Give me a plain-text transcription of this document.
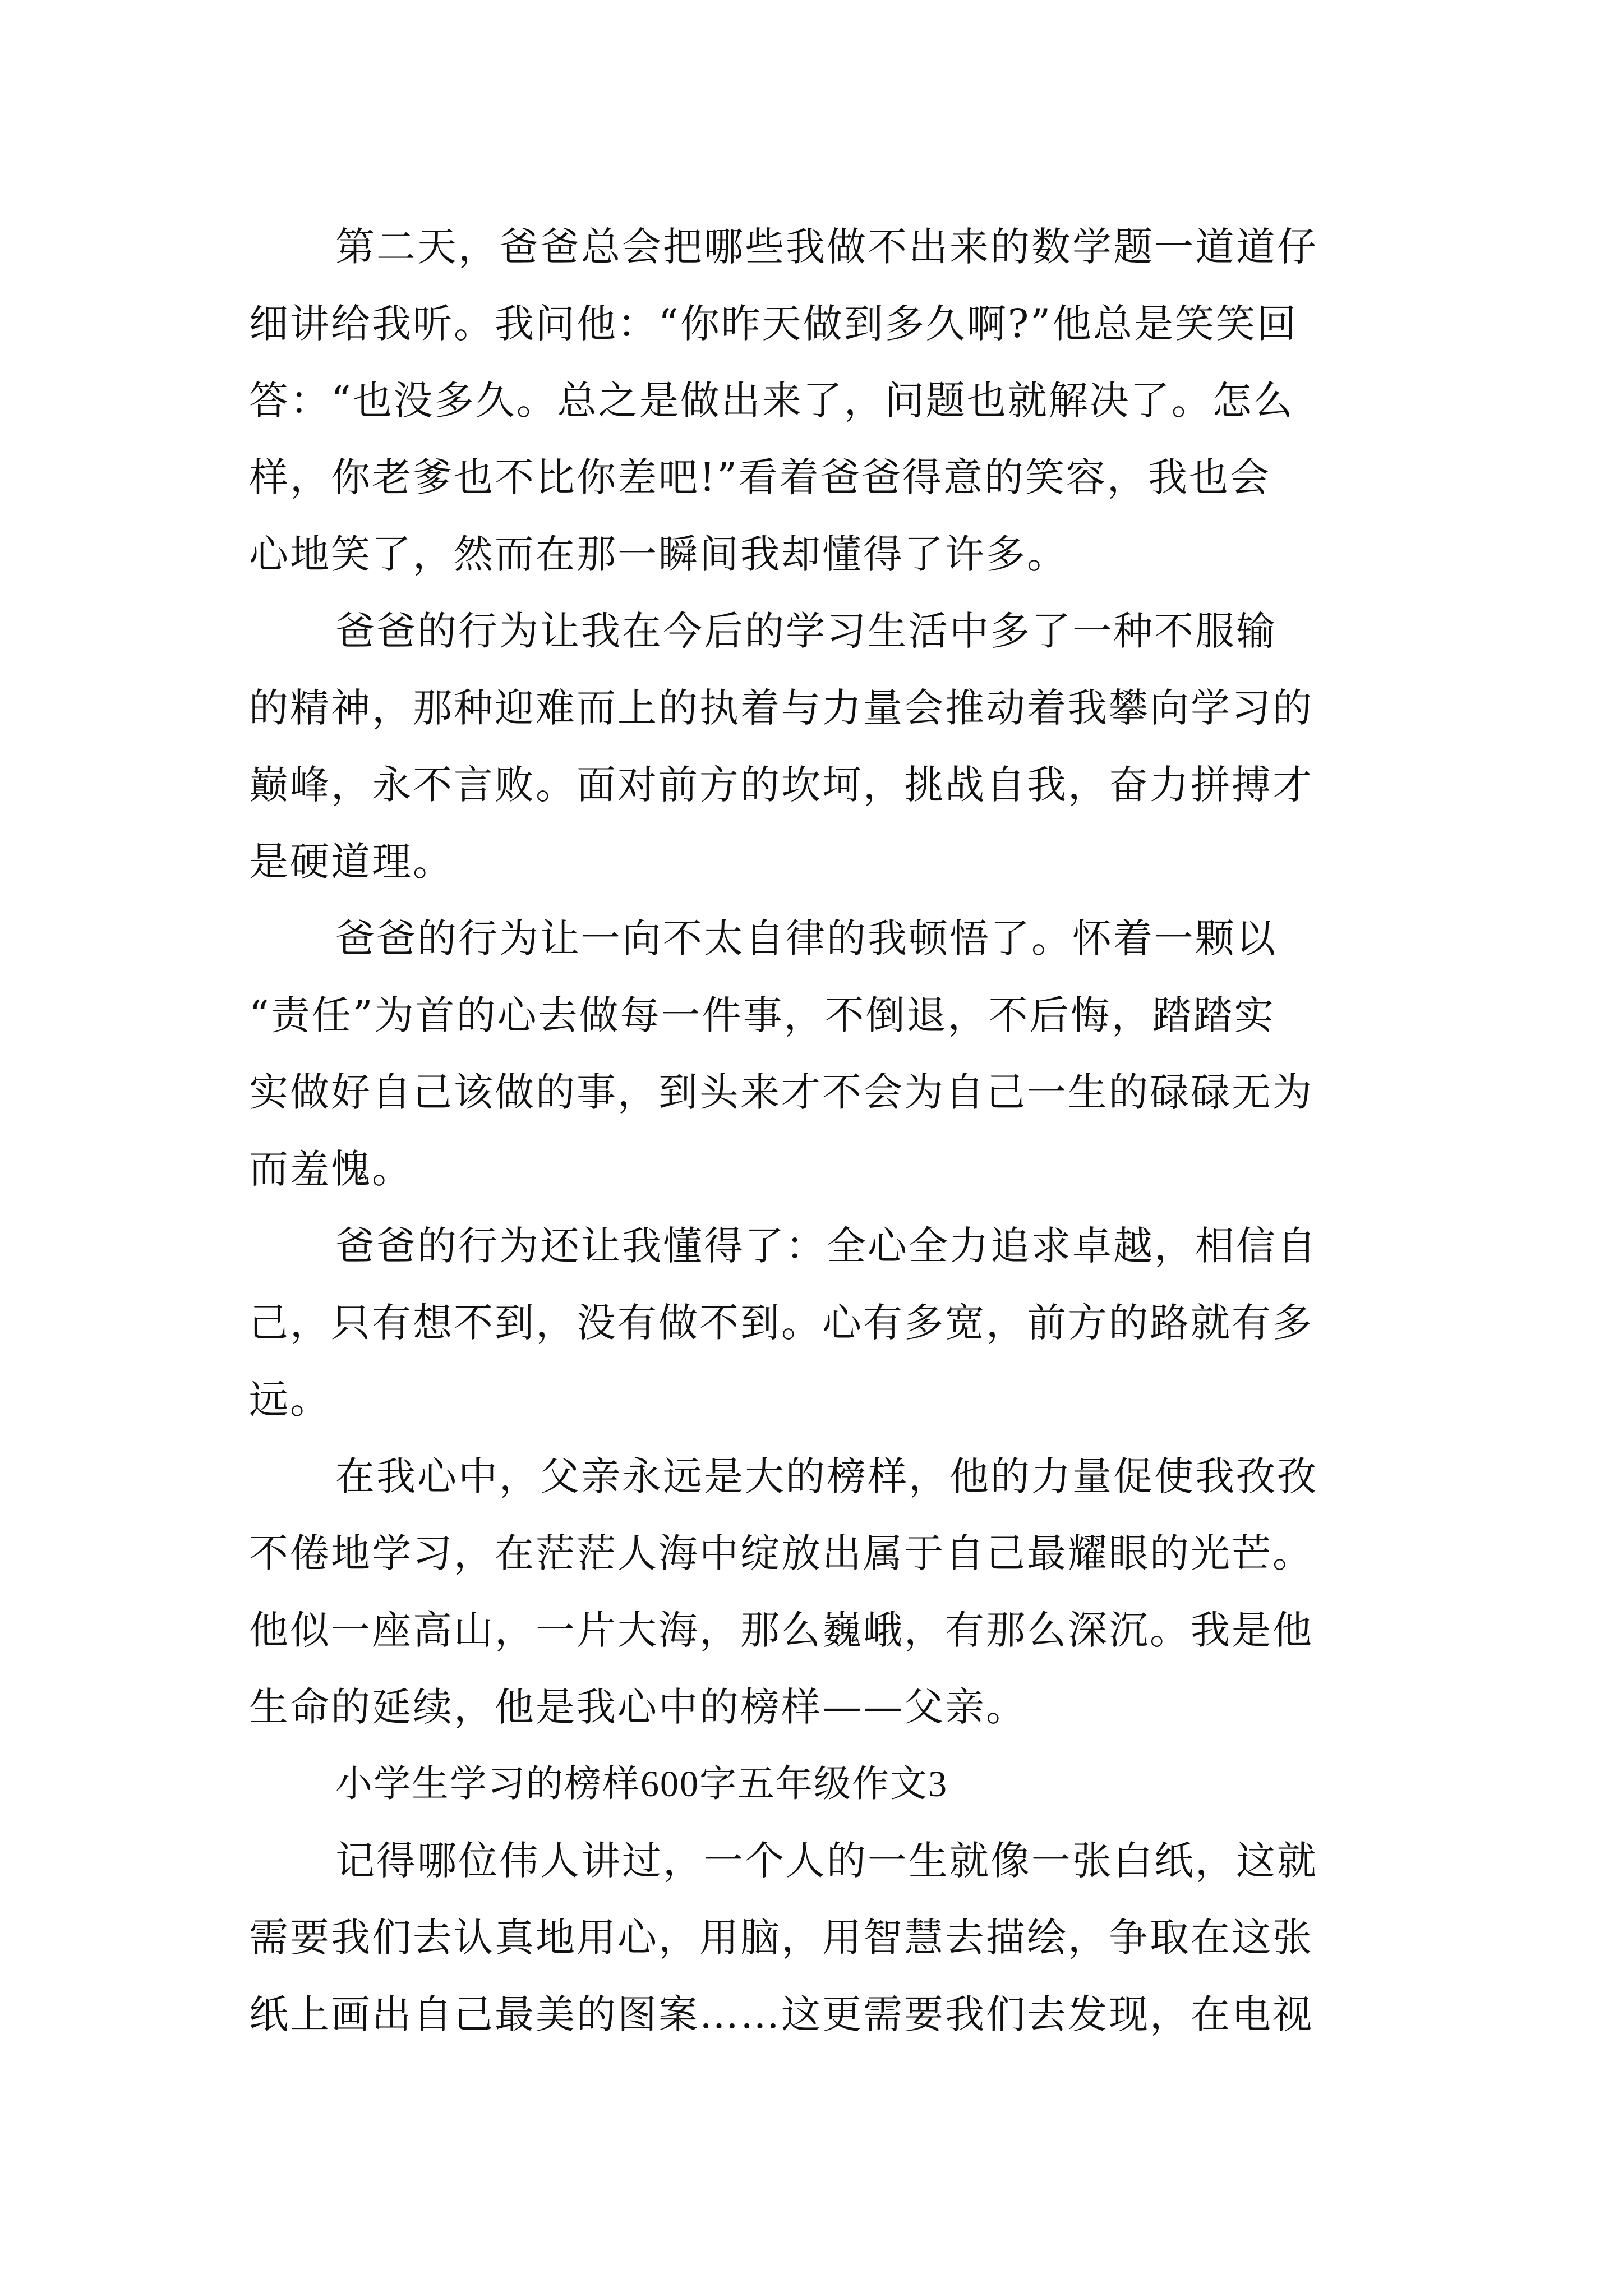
第二天，爸爸总会把哪些我做不出来的数学题一道道仔
细讲给我听。我问他：“你昨天做到多久啊?”他总是笑笑回
答：“也没多久。总之是做出来了，问题也就解决了。怎么
样，你老爹也不比你差吧!”看着爸爸得意的笑容，我也会
心地笑了，然而在那一瞬间我却懂得了许多。
爸爸的行为让我在今后的学习生活中多了一种不服输
的精神，那种迎难而上的执着与力量会推动着我攀向学习的
巅峰，永不言败。面对前方的坎坷，挑战自我，奋力拼搏才
是硬道理。
爸爸的行为让一向不太自律的我顿悟了。怀着一颗以
“责任”为首的心去做每一件事，不倒退，不后悔，踏踏实
实做好自己该做的事，到头来才不会为自己一生的碌碌无为
而羞愧。
爸爸的行为还让我懂得了：全心全力追求卓越，相信自
己，只有想不到，没有做不到。心有多宽，前方的路就有多
远。
在我心中，父亲永远是大的榜样，他的力量促使我孜孜
不倦地学习，在茫茫人海中绽放出属于自己最耀眼的光芒。
他似一座高山，一片大海，那么巍峨，有那么深沉。我是他
生命的延续，他是我心中的榜样——父亲。
小学生学习的榜样600字五年级作文3
记得哪位伟人讲过，一个人的一生就像一张白纸，这就
需要我们去认真地用心，用脑，用智慧去描绘，争取在这张
纸上画出自己最美的图案……这更需要我们去发现，在电视
